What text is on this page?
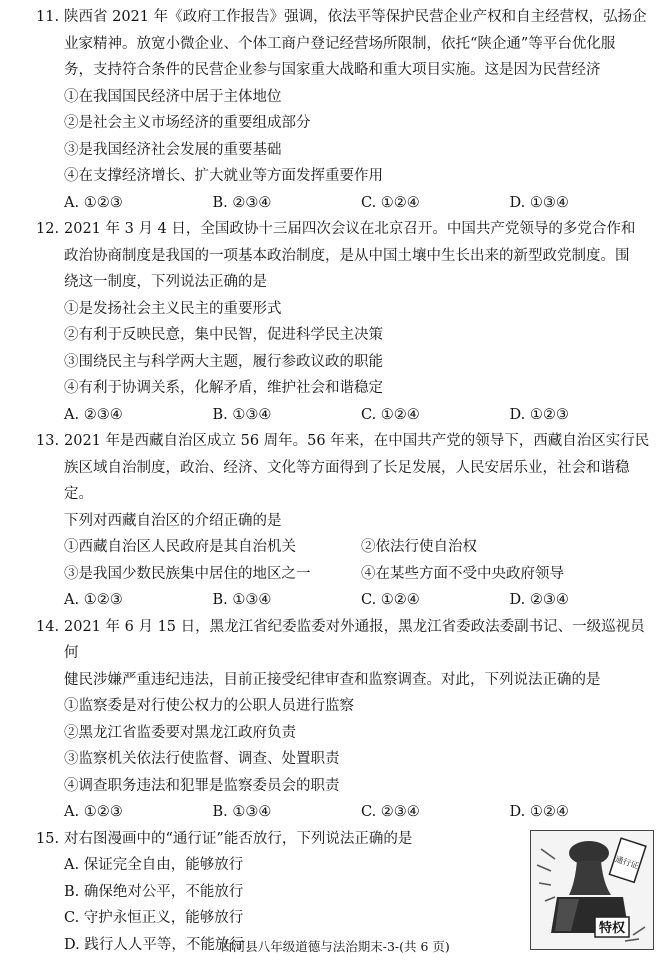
11. 陕西省 2021 年《政府工作报告》强调，依法平等保护民营企业产权和自主经营权，弘扬企
业家精神。放宽小微企业、个体工商户登记经营场所限制，依托“陕企通”等平台优化服
务，支持符合条件的民营企业参与国家重大战略和重大项目实施。这是因为民营经济
①在我国国民经济中居于主体地位
②是社会主义市场经济的重要组成部分
③是我国经济社会发展的重要基础
④在支撑经济增长、扩大就业等方面发挥重要作用
A. ①②③	B. ②③④	C. ①②④	D. ①③④
12. 2021 年 3 月 4 日，全国政协十三届四次会议在北京召开。中国共产党领导的多党合作和
政治协商制度是我国的一项基本政治制度，是从中国土壤中生长出来的新型政党制度。围
绕这一制度，下列说法正确的是
①是发扬社会主义民主的重要形式
②有利于反映民意，集中民智，促进科学民主决策
③围绕民主与科学两大主题，履行参政议政的职能
④有利于协调关系，化解矛盾，维护社会和谐稳定
A. ②③④	B. ①③④	C. ①②④	D. ①②③
13. 2021 年是西藏自治区成立 56 周年。56 年来，在中国共产党的领导下，西藏自治区实行民
族区域自治制度，政治、经济、文化等方面得到了长足发展，人民安居乐业，社会和谐稳定。
下列对西藏自治区的介绍正确的是
①西藏自治区人民政府是其自治机关	②依法行使自治权
③是我国少数民族集中居住的地区之一	④在某些方面不受中央政府领导
A. ①②③	B. ①③④	C. ①②④	D. ②③④
14. 2021 年 6 月 15 日，黑龙江省纪委监委对外通报，黑龙江省委政法委副书记、一级巡视员何
健民涉嫌严重违纪违法，目前正接受纪律审查和监察调查。对此，下列说法正确的是
①监察委是对行使公权力的公职人员进行监察
②黑龙江省监委要对黑龙江政府负责
③监察机关依法行使监督、调查、处置职责
④调查职务违法和犯罪是监察委员会的职责
A. ①②③	B. ①③④	C. ②③④	D. ①②④
15. 对右图漫画中的“通行证”能否放行，下列说法正确的是
A. 保证完全自由，能够放行
B. 确保绝对公平，不能放行
C. 守护永恒正义，能够放行
D. 践行人人平等，不能放行
通行证
特权
白河县八年级道德与法治期末-3-(共 6 页)
